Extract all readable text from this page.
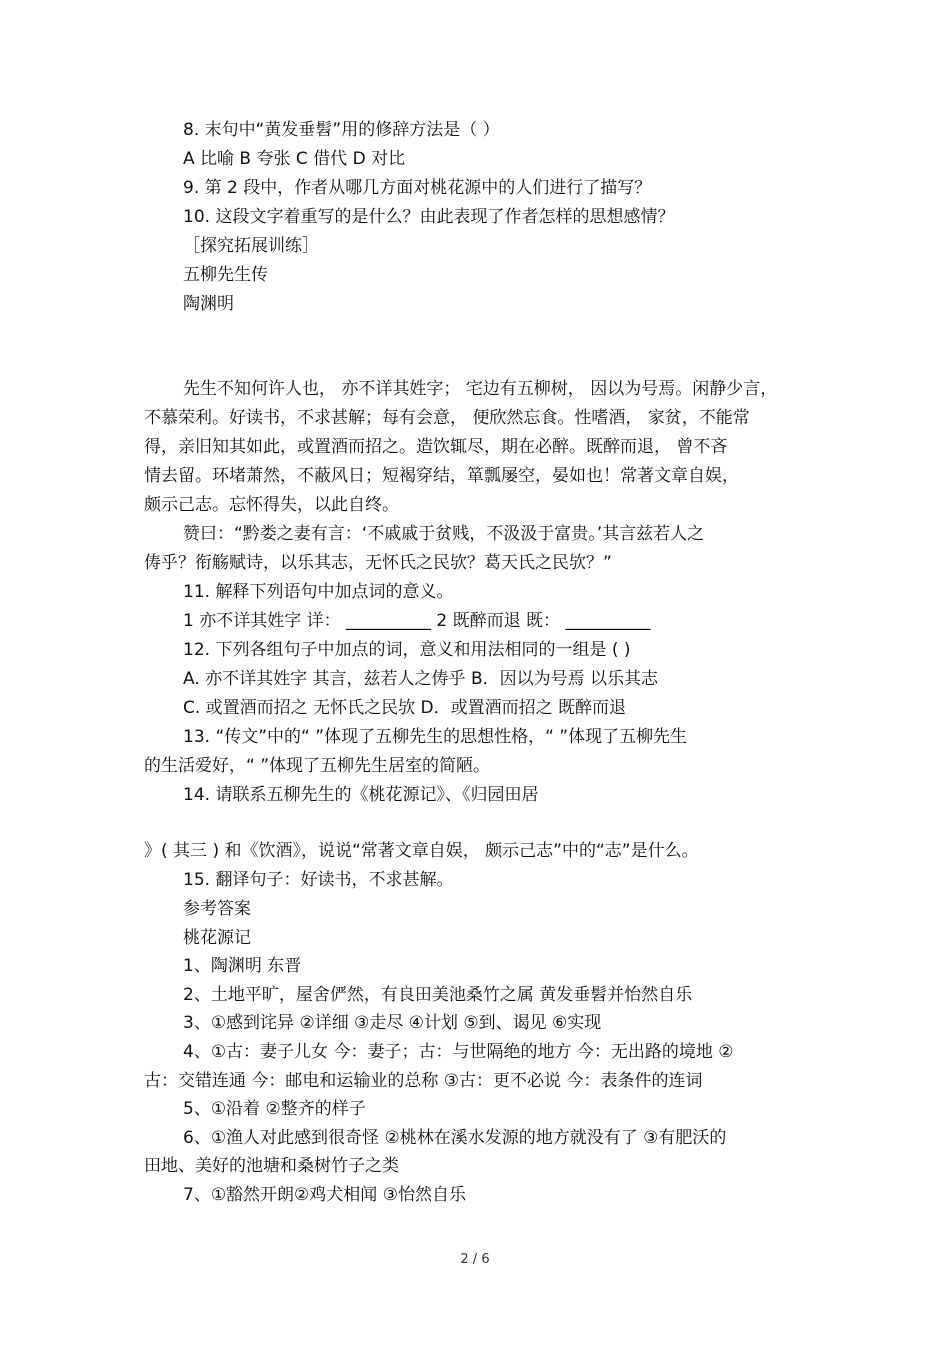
8. 末句中“黄发垂髫”用的修辞方法是（ ）
A 比喻 B 夸张 C 借代 D 对比
9. 第 2 段中，作者从哪几方面对桃花源中的人们进行了描写？
10. 这段文字着重写的是什么？由此表现了作者怎样的思想感情？
［探究拓展训练］
五柳先生传
陶渊明
先生不知何许人也， 亦不详其姓字； 宅边有五柳树， 因以为号焉。闲静少言，
不慕荣利。好读书，不求甚解；每有会意， 便欣然忘食。性嗜酒， 家贫，不能常
得，亲旧知其如此，或置酒而招之。造饮辄尽，期在必醉。既醉而退， 曾不吝
情去留。环堵萧然，不蔽风日；短褐穿结，箪瓢屡空，晏如也！常著文章自娱，
颇示己志。忘怀得失，以此自终。
赞曰：“黔娄之妻有言：‘不戚戚于贫贱，不汲汲于富贵。’其言兹若人之
俦乎？衔觞赋诗，以乐其志，无怀氏之民欤？葛天氏之民欤？”
11. 解释下列语句中加点词的意义。
1 亦不详其姓字 详： __________ 2 既醉而退 既： __________
12. 下列各组句子中加点的词，意义和用法相同的一组是 ( )
A. 亦不详其姓字 其言，兹若人之俦乎 B．因以为号焉 以乐其志
C. 或置酒而招之 无怀氏之民欤 D．或置酒而招之 既醉而退
13. “传文”中的“ ”体现了五柳先生的思想性格，“ ”体现了五柳先生
的生活爱好，“ ”体现了五柳先生居室的简陋。
14. 请联系五柳先生的《桃花源记》、《归园田居
》( 其三 ) 和《饮酒》，说说“常著文章自娱， 颇示己志”中的“志”是什么。
15. 翻译句子：好读书，不求甚解。
参考答案
桃花源记
1、陶渊明 东晋
2、土地平旷，屋舍俨然，有良田美池桑竹之属 黄发垂髫并怡然自乐
3、①感到诧异 ②详细 ③走尽 ④计划 ⑤到、谒见 ⑥实现
4、①古：妻子儿女 今：妻子；古：与世隔绝的地方 今：无出路的境地 ②
古：交错连通 今：邮电和运输业的总称 ③古：更不必说 今：表条件的连词
5、①沿着 ②整齐的样子
6、①渔人对此感到很奇怪 ②桃林在溪水发源的地方就没有了 ③有肥沃的
田地、美好的池塘和桑树竹子之类
7、①豁然开朗②鸡犬相闻 ③怡然自乐
2 / 6
